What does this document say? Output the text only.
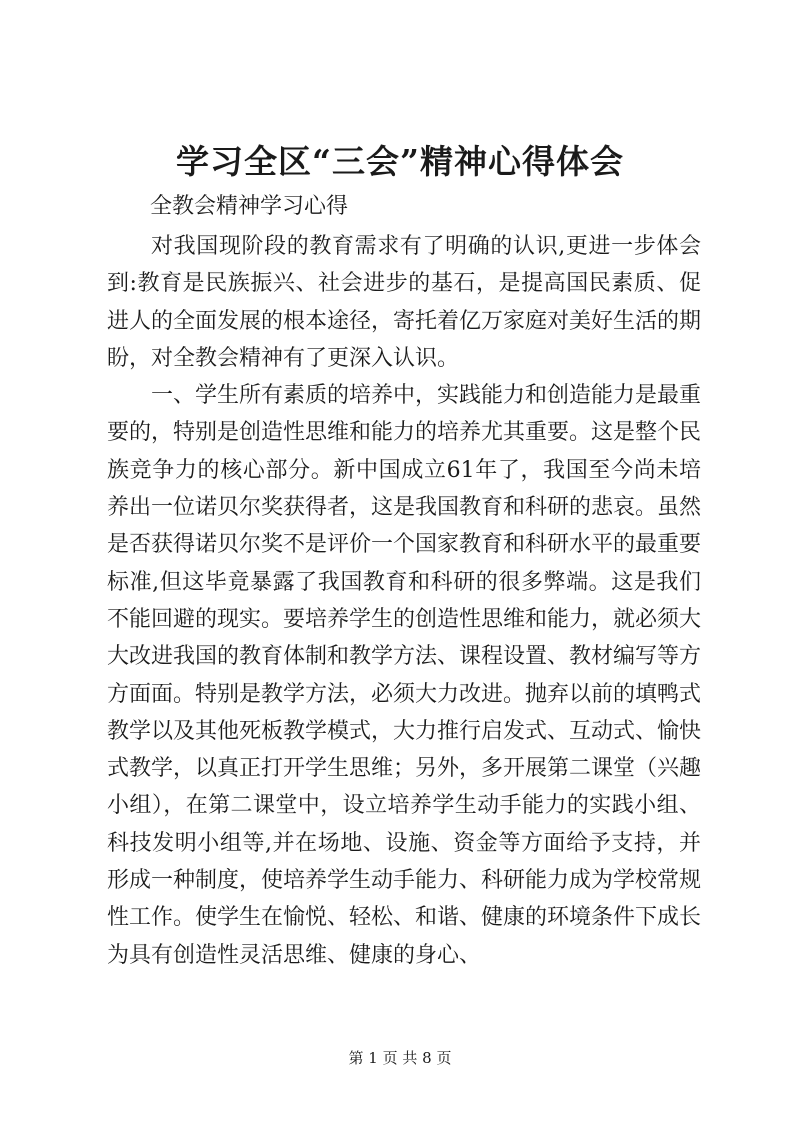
学习全区“三会”精神心得体会
全教会精神学习心得

对我国现阶段的教育需求有了明确的认识,更进一步体会到:教育是民族振兴、社会进步的基石，是提高国民素质、促进人的全面发展的根本途径，寄托着亿万家庭对美好生活的期盼，对全教会精神有了更深入认识。

一、学生所有素质的培养中，实践能力和创造能力是最重要的，特别是创造性思维和能力的培养尤其重要。这是整个民族竞争力的核心部分。新中国成立61年了，我国至今尚未培养出一位诺贝尔奖获得者，这是我国教育和科研的悲哀。虽然是否获得诺贝尔奖不是评价一个国家教育和科研水平的最重要标准,但这毕竟暴露了我国教育和科研的很多弊端。这是我们不能回避的现实。要培养学生的创造性思维和能力，就必须大大改进我国的教育体制和教学方法、课程设置、教材编写等方方面面。特别是教学方法，必须大力改进。抛弃以前的填鸭式教学以及其他死板教学模式，大力推行启发式、互动式、愉快式教学，以真正打开学生思维；另外，多开展第二课堂（兴趣小组），在第二课堂中，设立培养学生动手能力的实践小组、科技发明小组等,并在场地、设施、资金等方面给予支持，并形成一种制度，使培养学生动手能力、科研能力成为学校常规性工作。使学生在愉悦、轻松、和谐、健康的环境条件下成长为具有创造性灵活思维、健康的身心、

第 1 页 共 8 页
